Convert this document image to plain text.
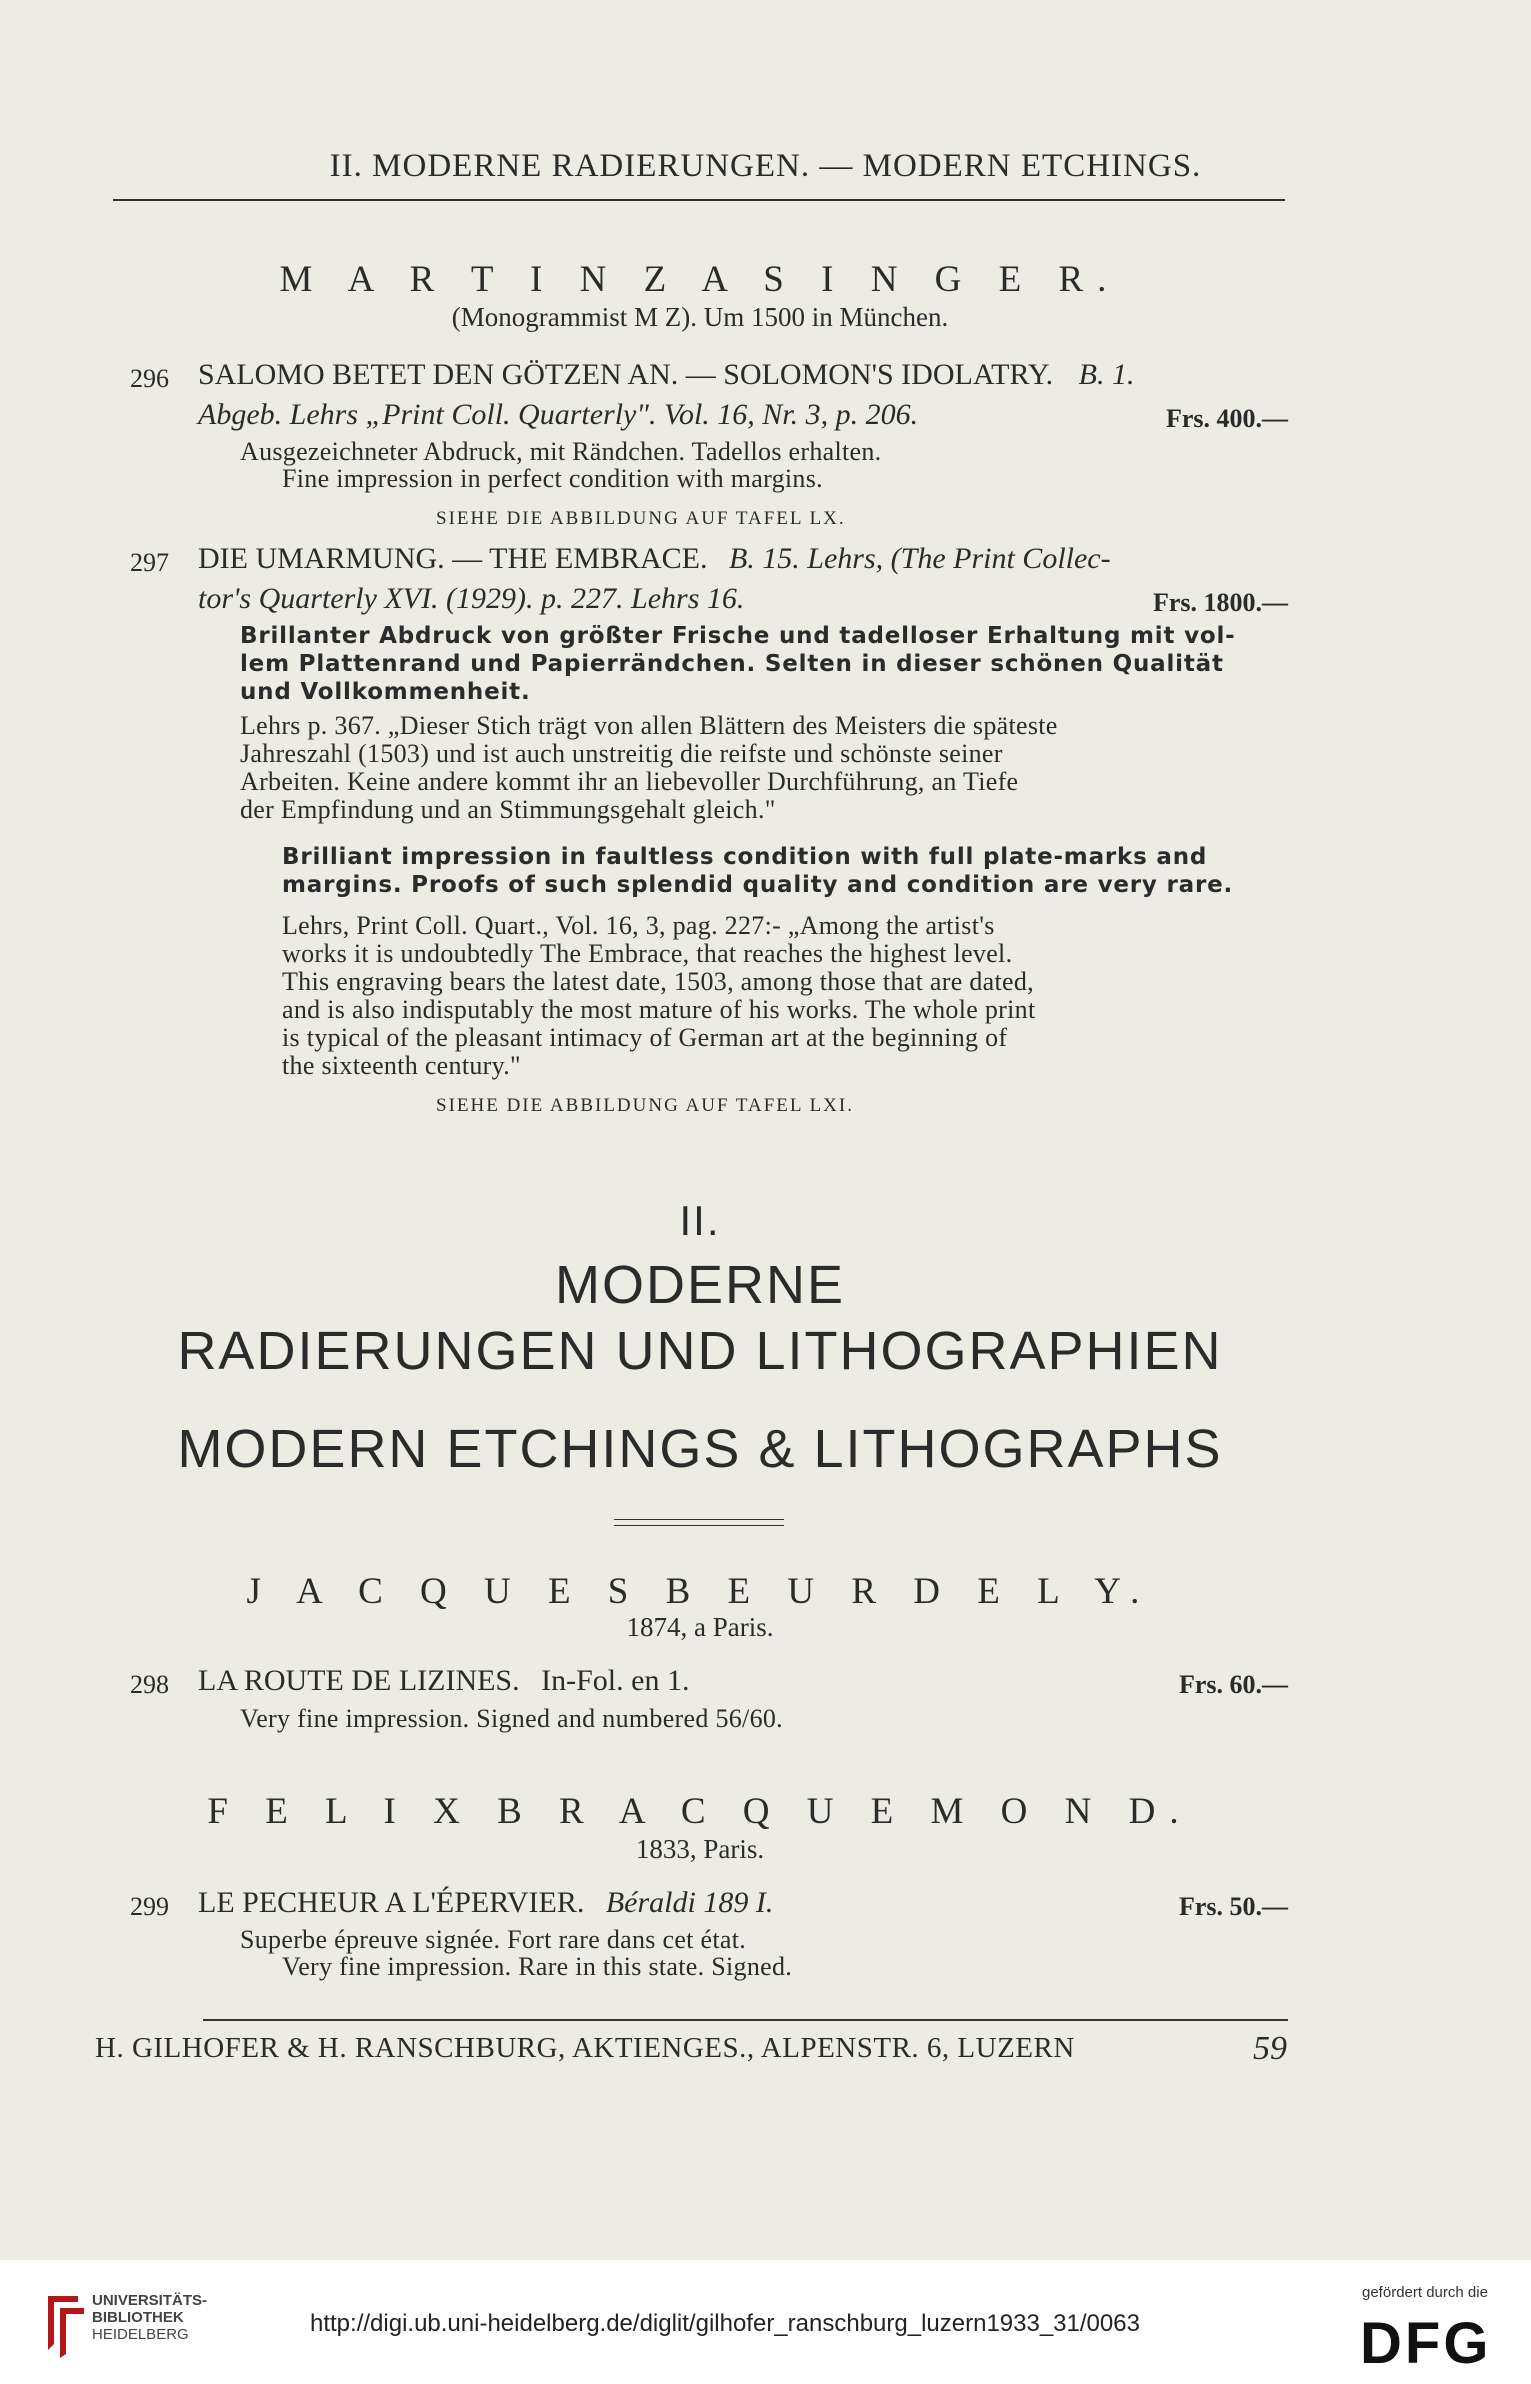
II. MODERNE RADIERUNGEN. — MODERN ETCHINGS.
M A R T I N Z A S I N G E R.
(Monogrammist M Z). Um 1500 in München.
296 SALOMO BETET DEN GÖTZEN AN. — SOLOMON'S IDOLATRY. B. 1.
Abgeb. Lehrs „Print Coll. Quarterly". Vol. 16, Nr. 3, p. 206.	Frs. 400.—
Ausgezeichneter Abdruck, mit Rändchen. Tadellos erhalten.
Fine impression in perfect condition with margins.
SIEHE DIE ABBILDUNG AUF TAFEL LX.
297 DIE UMARMUNG. — THE EMBRACE. B. 15. Lehrs, (The Print Collec-
tor's Quarterly XVI. (1929). p. 227. Lehrs 16.	Frs. 1800.—
Brillanter Abdruck von größter Frische und tadelloser Erhaltung mit vol-
lem Plattenrand und Papierrändchen. Selten in dieser schönen Qualität
und Vollkommenheit.
Lehrs p. 367. „Dieser Stich trägt von allen Blättern des Meisters die späteste
Jahreszahl (1503) und ist auch unstreitig die reifste und schönste seiner
Arbeiten. Keine andere kommt ihr an liebevoller Durchführung, an Tiefe
der Empfindung und an Stimmungsgehalt gleich."
Brilliant impression in faultless condition with full plate-marks and
margins. Proofs of such splendid quality and condition are very rare.
Lehrs, Print Coll. Quart., Vol. 16, 3, pag. 227:- „Among the artist's
works it is undoubtedly The Embrace, that reaches the highest level.
This engraving bears the latest date, 1503, among those that are dated,
and is also indisputably the most mature of his works. The whole print
is typical of the pleasant intimacy of German art at the beginning of
the sixteenth century."
SIEHE DIE ABBILDUNG AUF TAFEL LXI.
II.
MODERNE
RADIERUNGEN UND LITHOGRAPHIEN
MODERN ETCHINGS & LITHOGRAPHS
J A C Q U E S B E U R D E L Y.
1874, a Paris.
298 LA ROUTE DE LIZINES. In-Fol. en 1.	Frs. 60.—
Very fine impression. Signed and numbered 56/60.
F E L I X B R A C Q U E M O N D.
1833, Paris.
299 LE PECHEUR A L'ÉPERVIER. Béraldi 189 I.	Frs. 50.—
Superbe épreuve signée. Fort rare dans cet état.
Very fine impression. Rare in this state. Signed.
H. GILHOFER & H. RANSCHBURG, AKTIENGES., ALPENSTR. 6, LUZERN	59
UNIVERSITÄTS-
BIBLIOTHEK
HEIDELBERG	http://digi.ub.uni-heidelberg.de/diglit/gilhofer_ranschburg_luzern1933_31/0063
gefördert durch die
DFG
